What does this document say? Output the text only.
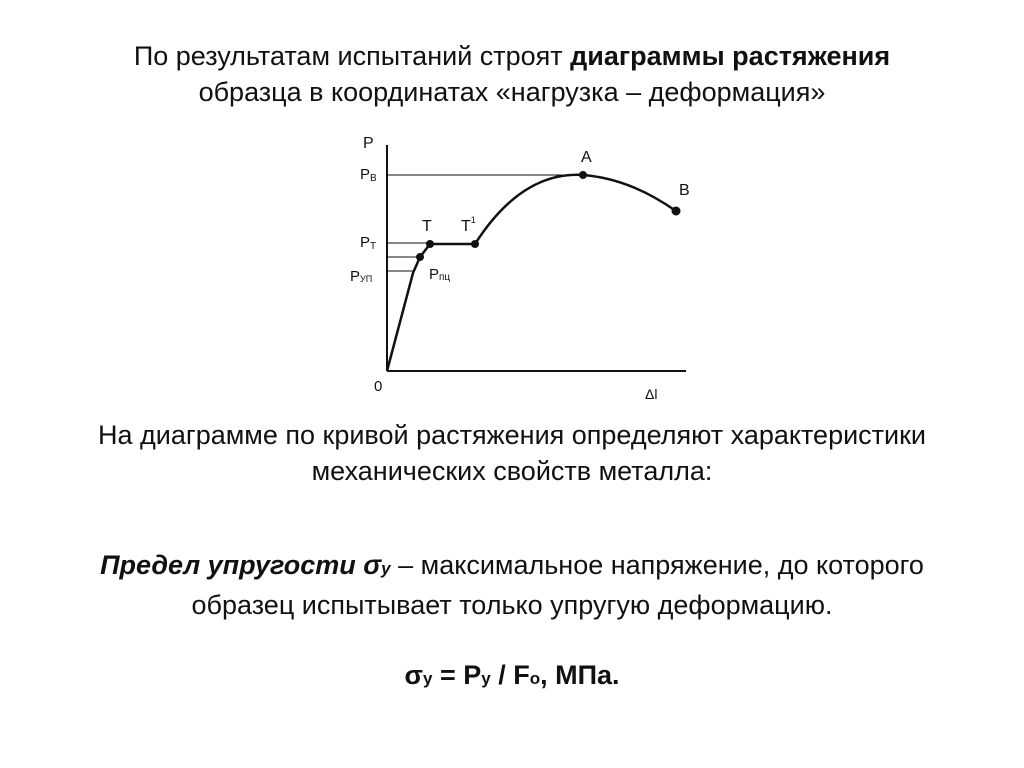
По результатам испытаний строят диаграммы растяжения
образца в координатах «нагрузка – деформация»
P
Δl
0
PВ
PТ
PУП
A
B
T $T^1$
Pпц
На диаграмме по кривой растяжения определяют характеристики
механических свойств металла:
Предел упругости σу – максимальное напряжение, до которого
образец испытывает только упругую деформацию.
σу = Pу / Fо, МПа.
